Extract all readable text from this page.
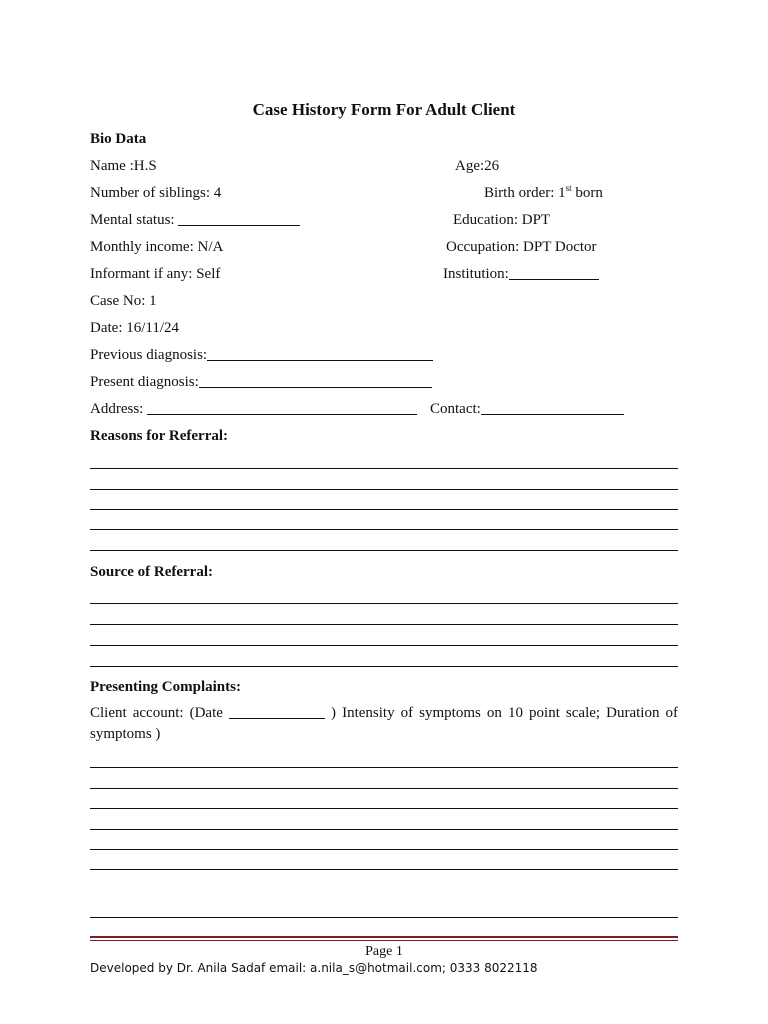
Case History Form For Adult Client
Bio Data
Name :H.S	Age:26
Number of siblings: 4	Birth order: 1st born
Mental status:	Education: DPT
Monthly income: N/A	Occupation: DPT Doctor
Informant if any: Self	Institution:
Case No: 1
Date: 16/11/24
Previous diagnosis:
Present diagnosis:
Address:	Contact:
Reasons for Referral:
Source of Referral:
Presenting Complaints:
Client account: (Date	) Intensity of symptoms on 10 point scale; Duration of symptoms )
Page 1
Developed by Dr. Anila Sadaf email: a.nila_s@hotmail.com; 0333 8022118
